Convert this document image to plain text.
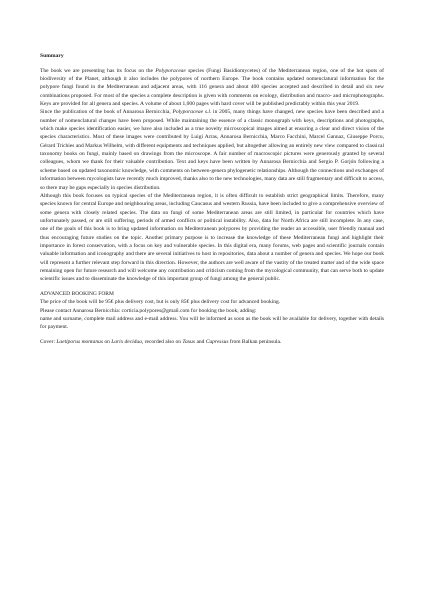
Summary

The book we are presenting has its focus on the Polyporaceae species (Fungi Basidiomycetes) of the Mediterranean region, one of the hot spots of biodiversity of the Planet, although it also includes the polypores of northern Europe. The book contains updated nomenclatural information for the polypore fungi found in the Mediterranean and adjacent areas, with 116 genera and about 400 species accepted and described in detail and six new combinations proposed. For most of the species a complete description is given with comments on ecology, distribution and macro- and microphotographs. Keys are provided for all genera and species. A volume of about 1,000 pages with hard cover will be published predictably within this year 2019.

Since the publication of the book of Annarosa Bernicchia, Polyporaceae s.l. in 2005, many things have changed, new species have been described and a number of nomenclatural changes have been proposed. While maintaining the essence of a classic monograph with keys, descriptions and photographs, which make species identification easier, we have also included as a true novelty microscopical images aimed at ensuring a clear and direct vision of the species characteristics. Most of these images were contributed by Luigi Arras, Annarosa Bernicchia, Marco Facchini, Marcel Gannaz, Giuseppe Porcu, Gérard Trichies and Markus Wilhelm, with different equipments and techniques applied, but altogether allowing an entirely new view compared to classical taxonomy books on fungi, mainly based on drawings from the microscope. A fair number of macroscopic pictures were generously granted by several colleagues, whom we thank for their valuable contribution. Text and keys have been written by Annarosa Bernicchia and Sergio P. Gorjón following a scheme based on updated taxonomic knowledge, with comments on between-genera phylogenetic relationships. Although the connections and exchanges of information between mycologists have recently much improved, thanks also to the new technologies, many data are still fragmentary and difficult to access, so there may be gaps especially in species distribution.

Although this book focuses on typical species of the Mediterranean region, it is often difficult to establish strict geographical limits. Therefore, many species known for central Europe and neighbouring areas, including Caucasus and western Russia, have been included to give a comprehensive overview of some genera with closely related species. The data on fungi of some Mediterranean areas are still limited, in particular for countries which have unfortunately passed, or are still suffering, periods of armed conflicts or political instability. Also, data for North Africa are still incomplete. In any case, one of the goals of this book is to bring updated information on Mediterranean polypores by providing the reader an accessible, user friendly manual and thus encouraging future studies on the topic. Another primary purpose is to increase the knowledge of these Mediterranean fungi and highlight their importance in forest conservation, with a focus on key and vulnerable species. In this digital era, many forums, web pages and scientific journals contain valuable information and iconography and there are several initiatives to host in repositories, data about a number of genera and species. We hope our book will represent a further relevant step forward in this direction. However, the authors are well aware of the vastity of the treated matter and of the wide space remaining open for future research and will welcome any contribution and criticism coming from the mycological community, that can serve both to update scientific issues and to disseminate the knowledge of this important group of fungi among the general public.

ADVANCED BOOKING FORM

The price of the book will be 95€ plus delivery cost, but is only 85€ plus delivery cost for advanced booking.

Please contact Annarosa Bernicchia: corticia.polypores@gmail.com for booking the book, adding:

name and surname, complete mail address and e-mail address. You will be informed as soon as the book will be available for delivery, together with details for payment.

Cover: Laetiporus montanus on Larix decidua, recorded also on Taxus and Cupressus from Balkan peninsula.
